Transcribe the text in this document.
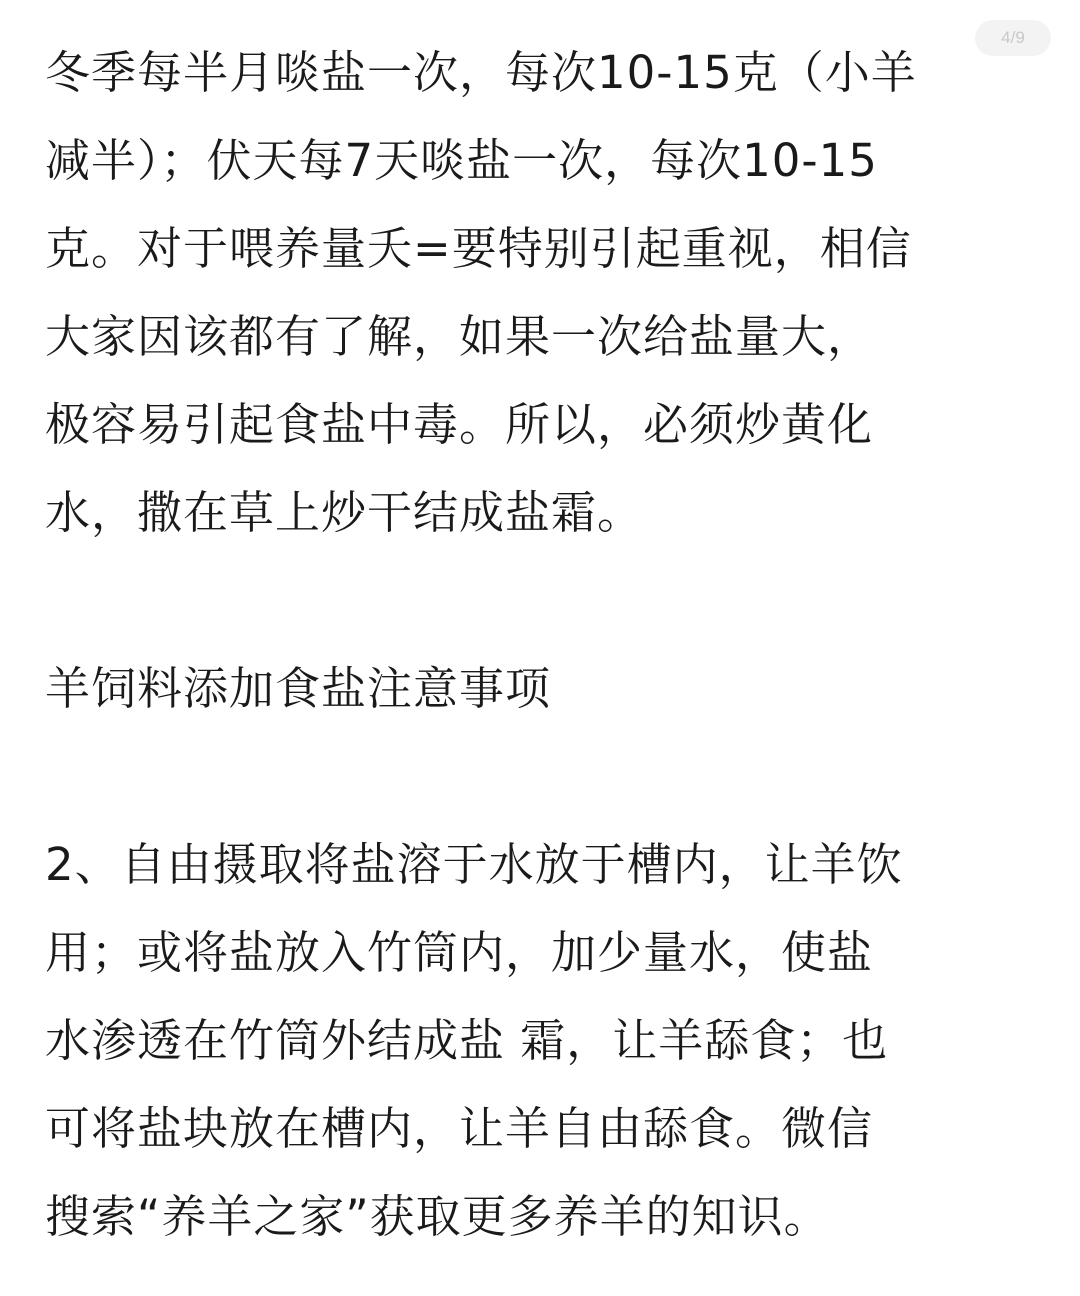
4/9
冬季每半月啖盐一次，每次10-15克（小羊
减半）；伏天每7天啖盐一次，每次10-15
克。对于喂养量夭=要特别引起重视，相信
大家因该都有了解，如果一次给盐量大，
极容易引起食盐中毒。所以，必须炒黄化
水，撒在草上炒干结成盐霜。
羊饲料添加食盐注意事项
2、自由摄取将盐溶于水放于槽内，让羊饮
用；或将盐放入竹筒内，加少量水，使盐
水渗透在竹筒外结成盐 霜，让羊舔食；也
可将盐块放在槽内，让羊自由舔食。微信
搜索“养羊之家”获取更多养羊的知识。
